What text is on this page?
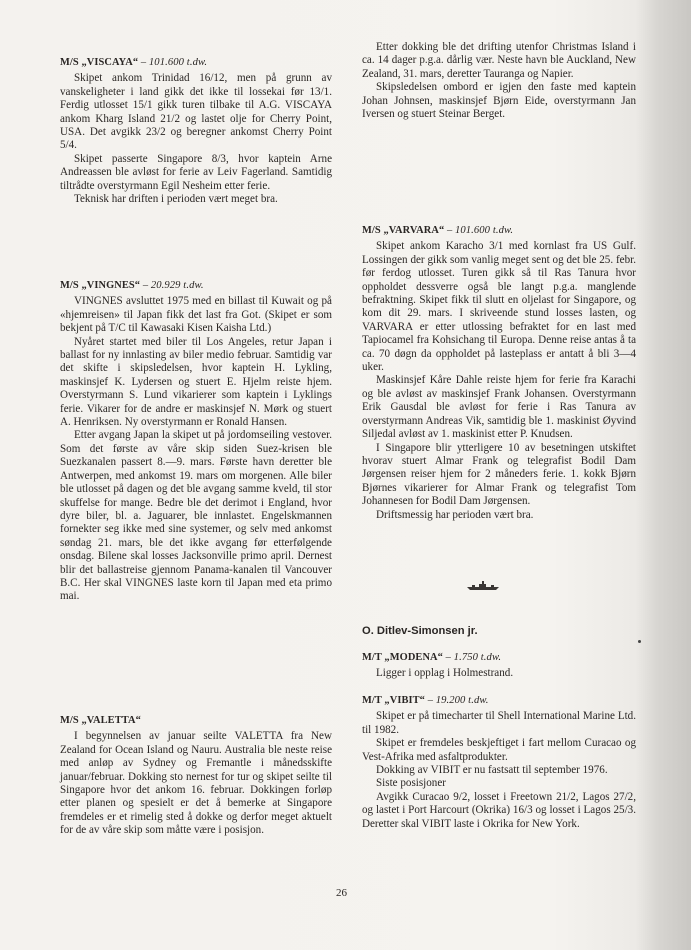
M/S „VISCAYA“ – 101.600 t.dw.

Skipet ankom Trinidad 16/12, men på grunn av vanskeligheter i land gikk det ikke til lossekai før 13/1. Ferdig utlosset 15/1 gikk turen tilbake til A.G. VISCAYA ankom Kharg Island 21/2 og lastet olje for Cherry Point, USA. Det avgikk 23/2 og beregner ankomst Cherry Point 5/4.

Skipet passerte Singapore 8/3, hvor kaptein Arne Andreassen ble avløst for ferie av Leiv Fagerland. Samtidig tiltrådte overstyrmann Egil Nesheim etter ferie.

Teknisk har driften i perioden vært meget bra.

M/S „VINGNES“ – 20.929 t.dw.

VINGNES avsluttet 1975 med en billast til Kuwait og på «hjemreisen» til Japan fikk det last fra Got. (Skipet er som bekjent på T/C til Kawasaki Kisen Kaisha Ltd.)

Nyåret startet med biler til Los Angeles, retur Japan i ballast for ny innlasting av biler medio februar. Samtidig var det skifte i skipsledelsen, hvor kaptein H. Lykling, maskinsjef K. Lydersen og stuert E. Hjelm reiste hjem. Overstyrmann S. Lund vikarierer som kaptein i Lyklings ferie. Vikarer for de andre er maskinsjef N. Mørk og stuert A. Henriksen. Ny overstyrmann er Ronald Hansen.

Etter avgang Japan la skipet ut på jordomseiling vestover. Som det første av våre skip siden Suez-krisen ble Suezkanalen passert 8.—9. mars. Første havn deretter ble Antwerpen, med ankomst 19. mars om morgenen. Alle biler ble utlosset på dagen og det ble avgang samme kveld, til stor skuffelse for mange. Bedre ble det derimot i England, hvor dyre biler, bl. a. Jaguarer, ble innlastet. Engelskmannen fornekter seg ikke med sine systemer, og selv med ankomst søndag 21. mars, ble det ikke avgang før etterfølgende onsdag. Bilene skal losses Jacksonville primo april. Dernest blir det ballastreise gjennom Panama-kanalen til Vancouver B.C. Her skal VINGNES laste korn til Japan med eta primo mai.

M/S „VALETTA“

I begynnelsen av januar seilte VALETTA fra New Zealand for Ocean Island og Nauru. Australia ble neste reise med anløp av Sydney og Fremantle i månedsskifte januar/februar. Dokking sto nernest for tur og skipet seilte til Singapore hvor det ankom 16. februar. Dokkingen forløp etter planen og spesielt er det å bemerke at Singapore fremdeles er et rimelig sted å dokke og derfor meget aktuelt for de av våre skip som måtte være i posisjon.

Etter dokking ble det drifting utenfor Christmas Island i ca. 14 dager p.g.a. dårlig vær. Neste havn ble Auckland, New Zealand, 31. mars, deretter Tauranga og Napier.

Skipsledelsen ombord er igjen den faste med kaptein Johan Johnsen, maskinsjef Bjørn Eide, overstyrmann Jan Iversen og stuert Steinar Berget.

M/S „VARVARA“ – 101.600 t.dw.

Skipet ankom Karacho 3/1 med kornlast fra US Gulf. Lossingen der gikk som vanlig meget sent og det ble 25. febr. før ferdog utlosset. Turen gikk så til Ras Tanura hvor oppholdet dessverre også ble langt p.g.a. manglende befraktning. Skipet fikk til slutt en oljelast for Singapore, og kom dit 29. mars. I skriveende stund losses lasten, og VARVARA er etter utlossing befraktet for en last med Tapiocamel fra Kohsichang til Europa. Denne reise antas å ta ca. 70 døgn da oppholdet på lasteplass er antatt å bli 3—4 uker.

Maskinsjef Kåre Dahle reiste hjem for ferie fra Karachi og ble avløst av maskinsjef Frank Johansen. Overstyrmann Erik Gausdal ble avløst for ferie i Ras Tanura av overstyrmann Andreas Vik, samtidig ble 1. maskinist Øyvind Siljedal avløst av 1. maskinist etter P. Knudsen.

I Singapore blir ytterligere 10 av besetningen utskiftet hvorav stuert Almar Frank og telegrafist Bodil Dam Jørgensen reiser hjem for 2 måneders ferie. 1. kokk Bjørn Bjørnes vikarierer for Almar Frank og telegrafist Tom Johannesen for Bodil Dam Jørgensen.

Driftsmessig har perioden vært bra.

O. Ditlev-Simonsen jr.
M/T „MODENA“ – 1.750 t.dw.

Ligger i opplag i Holmestrand.

M/T „VIBIT“ – 19.200 t.dw.

Skipet er på timecharter til Shell International Marine Ltd. til 1982.

Skipet er fremdeles beskjeftiget i fart mellom Curacao og Vest-Afrika med asfaltprodukter.

Dokking av VIBIT er nu fastsatt til september 1976.

Siste posisjoner

Avgikk Curacao 9/2, losset i Freetown 21/2, Lagos 27/2, og lastet i Port Harcourt (Okrika) 16/3 og losset i Lagos 25/3. Deretter skal VIBIT laste i Okrika for New York.

26
